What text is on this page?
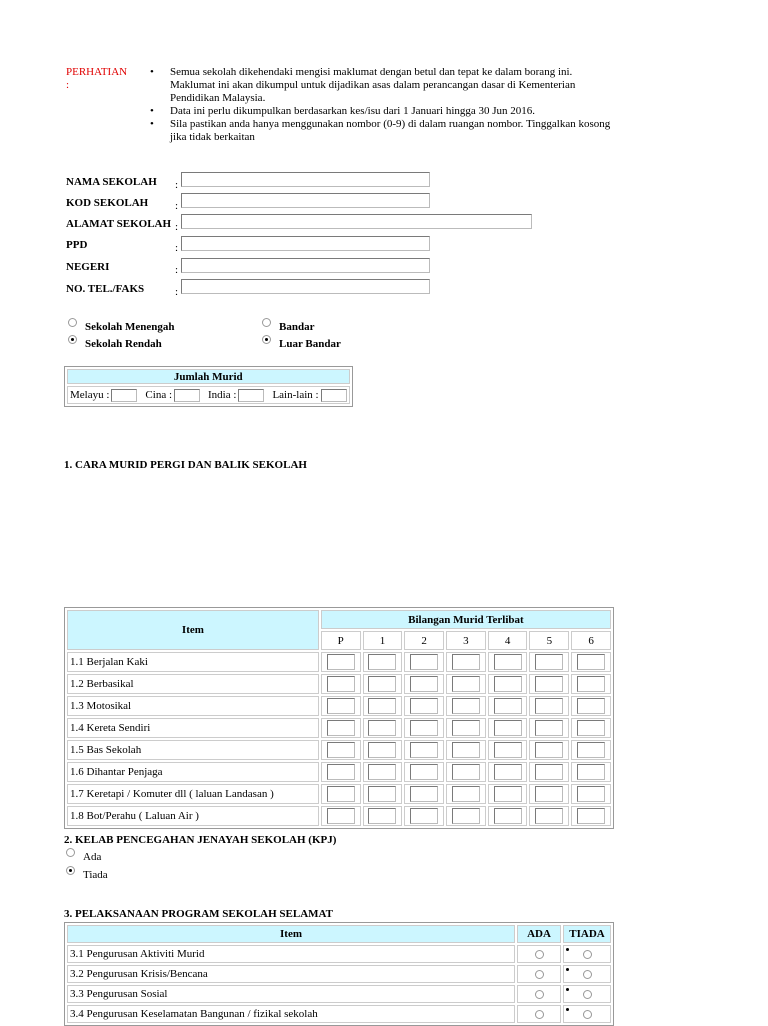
PERHATIAN
:
• Semua sekolah dikehendaki mengisi maklumat dengan betul dan tepat ke dalam borang ini. Maklumat ini akan dikumpul untuk dijadikan asas dalam perancangan dasar di Kementerian Pendidikan Malaysia.
• Data ini perlu dikumpulkan berdasarkan kes/isu dari 1 Januari hingga 30 Jun 2016.
• Sila pastikan anda hanya menggunakan nombor (0-9) di dalam ruangan nombor. Tinggalkan kosong jika tidak berkaitan
NAMA SEKOLAH :
KOD SEKOLAH :
ALAMAT SEKOLAH :
PPD	:
NEGERI	:
NO. TEL./FAKS	:
Sekolah Menengah
Sekolah Rendah
Bandar
Luar Bandar
Jumlah Murid
Melayu :	Cina :	India :	Lain-lain :
1. CARA MURID PERGI DAN BALIK SEKOLAH
Item	Bilangan Murid Terlibat						
	P	1	2	3	4	5	6
1.1 Berjalan Kaki	

1.2 Berbasikal	

1.3 Motosikal	

1.4 Kereta Sendiri	

1.5 Bas Sekolah	

1.6 Dihantar Penjaga	

1.7 Keretapi / Komuter dll ( laluan Landasan )	

1.8 Bot/Perahu ( Laluan Air )	

2. KELAB PENCEGAHAN JENAYAH SEKOLAH (KPJ)
Ada
Tiada
3. PELAKSANAAN PROGRAM SEKOLAH SELAMAT
Item	ADA	TIADA
3.1 Pengurusan Aktiviti Murid		
3.2 Pengurusan Krisis/Bencana		
3.3 Pengurusan Sosial		
3.4 Pengurusan Keselamatan Bangunan / fizikal sekolah		
